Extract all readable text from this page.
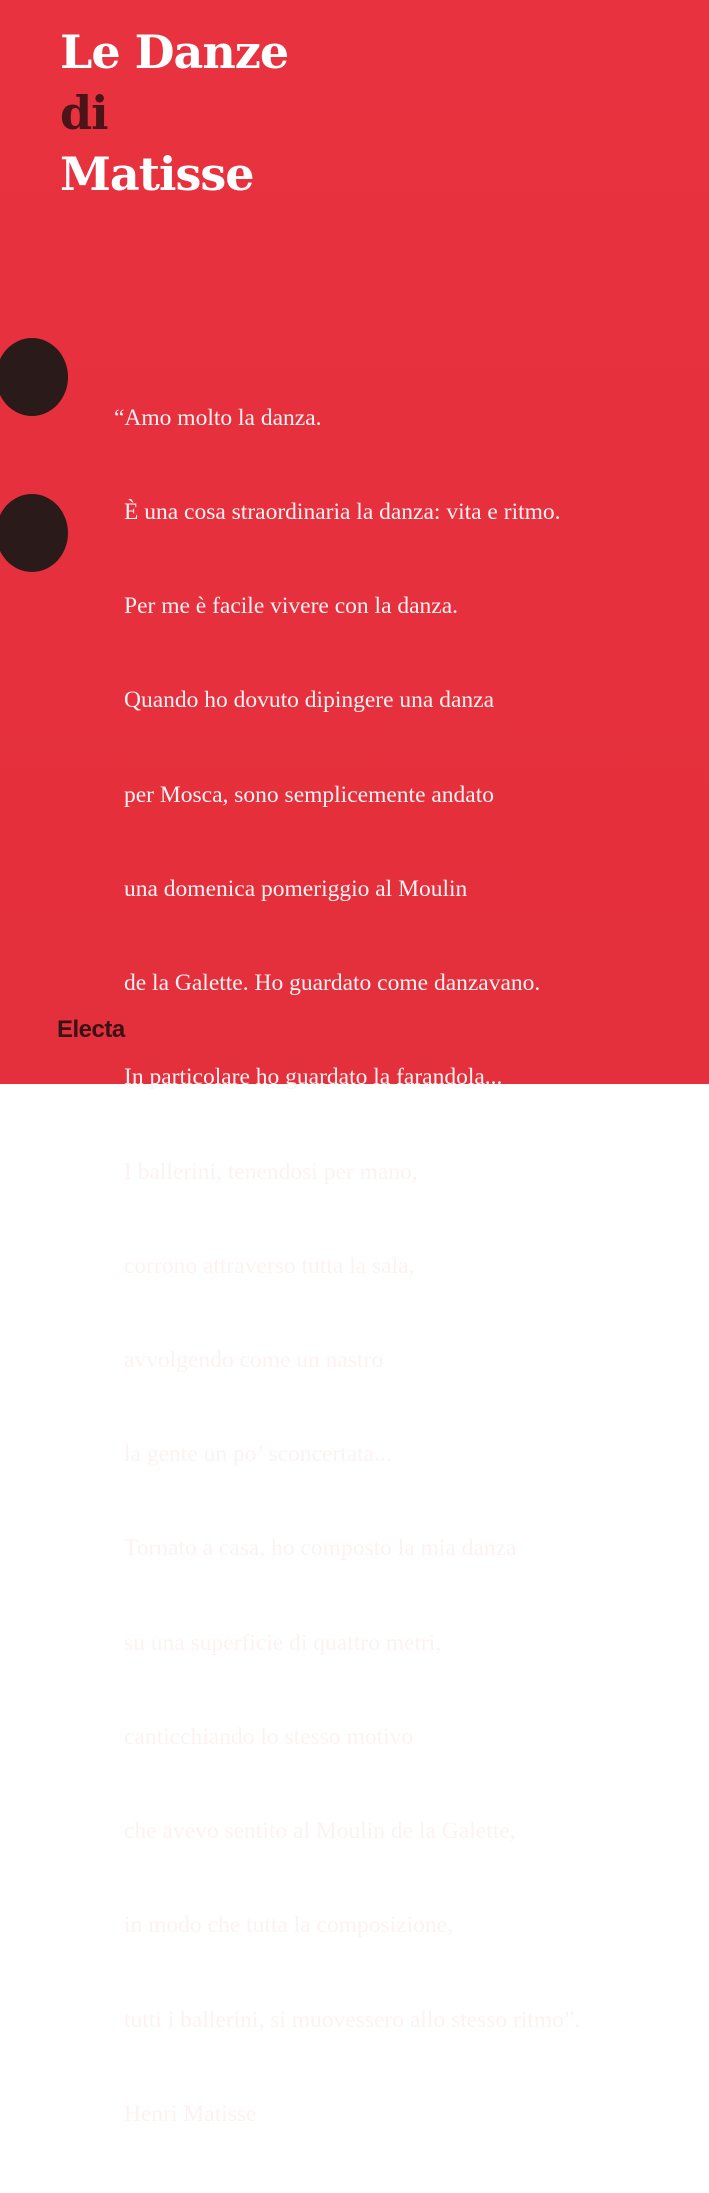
Le Danze
di
Matisse

“Amo molto la danza.

È una cosa straordinaria la danza: vita e ritmo.

Per me è facile vivere con la danza.

Quando ho dovuto dipingere una danza

per Mosca, sono semplicemente andato

una domenica pomeriggio al Moulin

de la Galette. Ho guardato come danzavano.

In particolare ho guardato la farandola...

I ballerini, tenendosi per mano,

corrono attraverso tutta la sala,

avvolgendo come un nastro

la gente un po’ sconcertata...

Tornato a casa, ho composto la mia danza

su una superficie di quattro metri,

canticchiando lo stesso motivo

che avevo sentito al Moulin de la Galette,

in modo che tutta la composizione,

tutti i ballerini, si muovessero allo stesso ritmo”.

Henri Matisse

Electa
